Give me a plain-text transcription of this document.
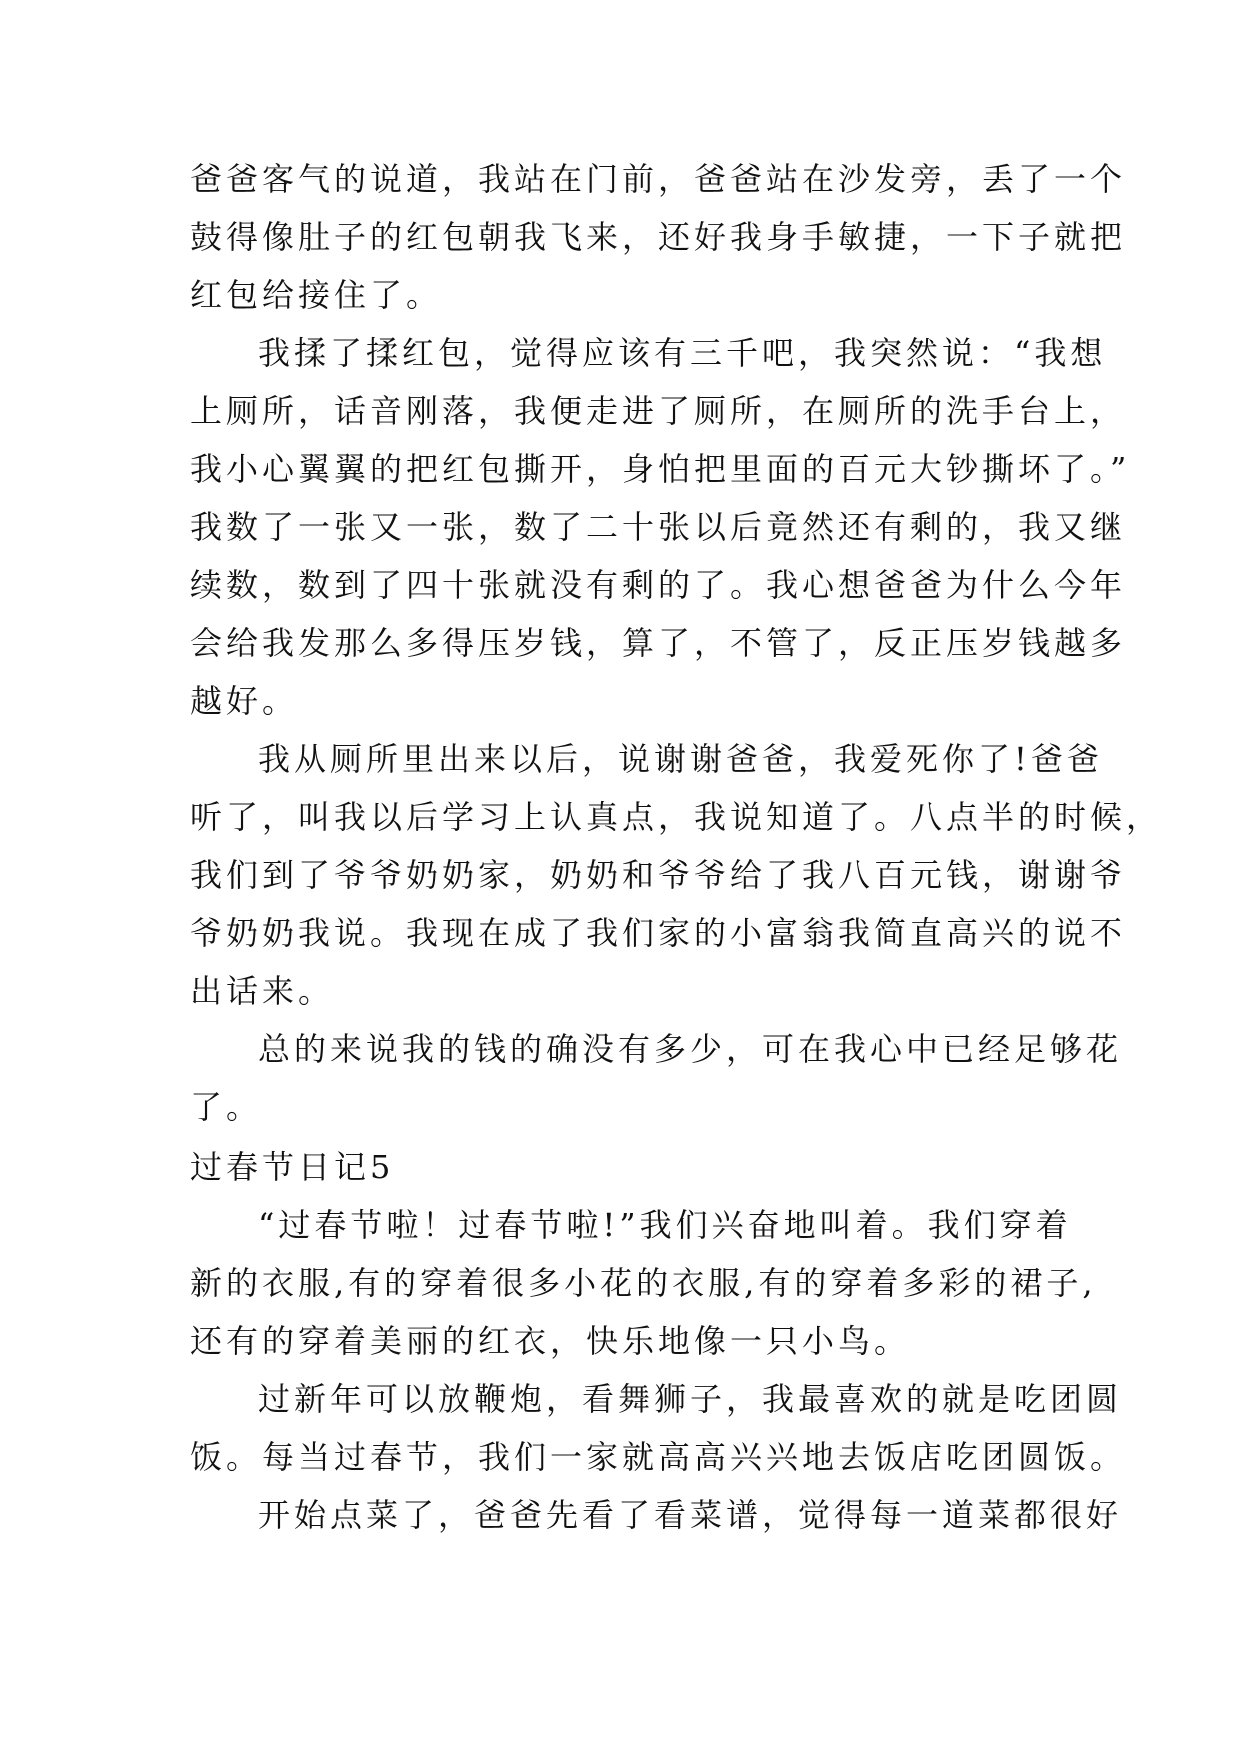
爸爸客气的说道，我站在门前，爸爸站在沙发旁，丢了一个
鼓得像肚子的红包朝我飞来，还好我身手敏捷，一下子就把
红包给接住了。
我揉了揉红包，觉得应该有三千吧，我突然说：“我想
上厕所，话音刚落，我便走进了厕所，在厕所的洗手台上，
我小心翼翼的把红包撕开，身怕把里面的百元大钞撕坏了。”
我数了一张又一张，数了二十张以后竟然还有剩的，我又继
续数，数到了四十张就没有剩的了。我心想爸爸为什么今年
会给我发那么多得压岁钱，算了，不管了，反正压岁钱越多
越好。
我从厕所里出来以后，说谢谢爸爸，我爱死你了!爸爸
听了，叫我以后学习上认真点，我说知道了。八点半的时候，
我们到了爷爷奶奶家，奶奶和爷爷给了我八百元钱，谢谢爷
爷奶奶我说。我现在成了我们家的小富翁我简直高兴的说不
出话来。
总的来说我的钱的确没有多少，可在我心中已经足够花
了。
过春节日记5
“过春节啦！过春节啦!”我们兴奋地叫着。我们穿着
新的衣服,有的穿着很多小花的衣服,有的穿着多彩的裙子,
还有的穿着美丽的红衣，快乐地像一只小鸟。
过新年可以放鞭炮，看舞狮子，我最喜欢的就是吃团圆
饭。每当过春节，我们一家就高高兴兴地去饭店吃团圆饭。
开始点菜了，爸爸先看了看菜谱，觉得每一道菜都很好
